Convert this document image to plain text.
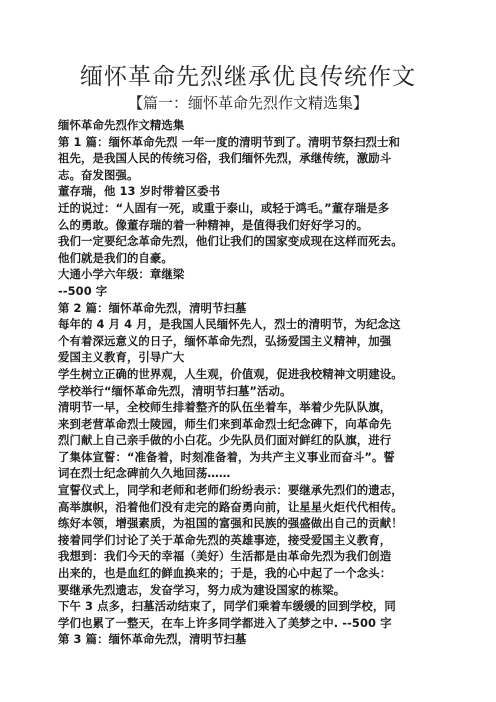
缅怀革命先烈继承优良传统作文
【篇一：缅怀革命先烈作文精选集】
缅怀革命先烈作文精选集
第 1 篇：缅怀革命先烈 一年一度的清明节到了。清明节祭扫烈士和
祖先，是我国人民的传统习俗，我们缅怀先烈，承继传统，激励斗
志。奋发图强。
董存瑞，他 13 岁时带着区委书
迁的说过：“人固有一死，或重于泰山，或轻于鸿毛。”董存瑞是多
么的勇敢。像董存瑞的着一种精神，是值得我们好好学习的。
我们一定要纪念革命先烈，他们让我们的国家变成现在这样而死去。
他们就是我们的自豪。
大通小学六年级：章继梁
--500 字
第 2 篇：缅怀革命先烈，清明节扫墓
每年的 4 月 4 月，是我国人民缅怀先人，烈士的清明节，为纪念这
个有着深远意义的日子，缅怀革命先烈，弘扬爱国主义精神，加强
爱国主义教育，引导广大
学生树立正确的世界观，人生观，价值观，促进我校精神文明建设。
学校举行“缅怀革命先烈，清明节扫墓”活动。
清明节一早，全校师生排着整齐的队伍坐着车，举着少先队队旗，
来到老营革命烈士陵园，师生们来到革命烈士纪念碑下，向革命先
烈门献上自己亲手做的小白花。少先队员们面对鲜红的队旗，进行
了集体宣誓：“准备着，时刻准备着，为共产主义事业而奋斗”。誓
词在烈士纪念碑前久久地回荡……
宣誓仪式上，同学和老师和老师们纷纷表示：要继承先烈们的遗志，
高举旗帜，沿着他们没有走完的路奋勇向前，让星星火炬代代相传。
练好本领，增强素质，为祖国的富强和民族的强盛做出自己的贡献！
接着同学们讨论了关于革命先烈的英雄事迹，接受爱国主义教育，
我想到：我们今天的幸福（美好）生活都是由革命先烈为我们创造
出来的，也是血红的鲜血换来的；于是，我的心中起了一个念头：
要继承先烈遗志，发奋学习，努力成为建设国家的栋梁。
下午 3 点多，扫墓活动结束了，同学们乘着车缓缓的回到学校，同
学们也累了一整天，在车上许多同学都进入了美梦之中. --500 字
第 3 篇：缅怀革命先烈，清明节扫墓
